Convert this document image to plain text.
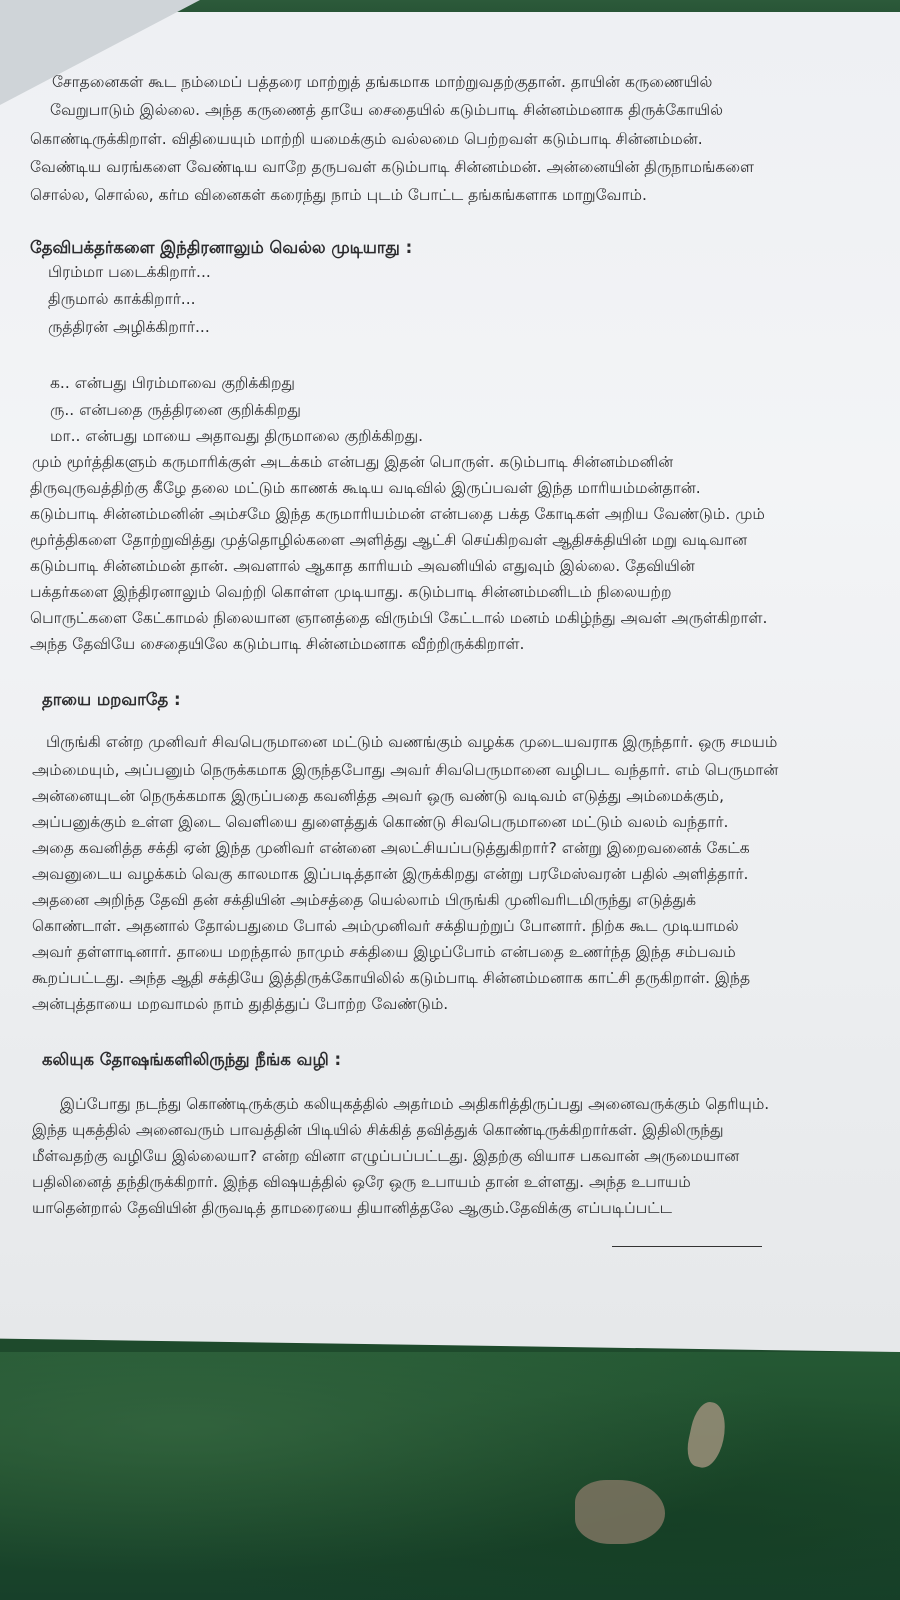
சோதனைகள் கூட நம்மைப் பத்தரை மாற்றுத் தங்கமாக மாற்றுவதற்குதான். தாயின் கருணையில்
வேறுபாடும் இல்லை. அந்த கருணைத் தாயே சைதையில் கடும்பாடி சின்னம்மனாக திருக்கோயில்
கொண்டிருக்கிறாள். விதியையும் மாற்றி யமைக்கும் வல்லமை பெற்றவள் கடும்பாடி சின்னம்மன்.
வேண்டிய வரங்களை வேண்டிய வாறே தருபவள் கடும்பாடி சின்னம்மன். அன்னையின் திருநாமங்களை
சொல்ல, சொல்ல, கர்ம வினைகள் கரைந்து நாம் புடம் போட்ட தங்கங்களாக மாறுவோம்.
தேவிபக்தர்களை இந்திரனாலும் வெல்ல முடியாது :
பிரம்மா படைக்கிறார்...
திருமால் காக்கிறார்...
ருத்திரன் அழிக்கிறார்...
க.. என்பது பிரம்மாவை குறிக்கிறது
ரு.. என்பதை ருத்திரனை குறிக்கிறது
மா.. என்பது மாயை அதாவது திருமாலை குறிக்கிறது.
மும் மூர்த்திகளும் கருமாரிக்குள் அடக்கம் என்பது இதன் பொருள். கடும்பாடி சின்னம்மனின்
திருவுருவத்திற்கு கீழே தலை மட்டும் காணக் கூடிய வடிவில் இருப்பவள் இந்த மாரியம்மன்தான்.
கடும்பாடி சின்னம்மனின் அம்சமே இந்த கருமாரியம்மன் என்பதை பக்த கோடிகள் அறிய வேண்டும். மும்
மூர்த்திகளை தோற்றுவித்து முத்தொழில்களை அளித்து ஆட்சி செய்கிறவள் ஆதிசக்தியின் மறு வடிவான
கடும்பாடி சின்னம்மன் தான். அவளால் ஆகாத காரியம் அவனியில் எதுவும் இல்லை. தேவியின்
பக்தர்களை இந்திரனாலும் வெற்றி கொள்ள முடியாது. கடும்பாடி சின்னம்மனிடம் நிலையற்ற
பொருட்களை கேட்காமல் நிலையான ஞானத்தை விரும்பி கேட்டால் மனம் மகிழ்ந்து அவள் அருள்கிறாள்.
அந்த தேவியே சைதையிலே கடும்பாடி சின்னம்மனாக வீற்றிருக்கிறாள்.
தாயை மறவாதே :
பிருங்கி என்ற முனிவர் சிவபெருமானை மட்டும் வணங்கும் வழக்க முடையவராக இருந்தார். ஒரு சமயம்
அம்மையும், அப்பனும் நெருக்கமாக இருந்தபோது அவர் சிவபெருமானை வழிபட வந்தார். எம் பெருமான்
அன்னையுடன் நெருக்கமாக இருப்பதை கவனித்த அவர் ஒரு வண்டு வடிவம் எடுத்து அம்மைக்கும்,
அப்பனுக்கும் உள்ள இடை வெளியை துளைத்துக் கொண்டு சிவபெருமானை மட்டும் வலம் வந்தார்.
அதை கவனித்த சக்தி ஏன் இந்த முனிவர் என்னை அலட்சியப்படுத்துகிறார்? என்று இறைவனைக் கேட்க
அவனுடைய வழக்கம் வெகு காலமாக இப்படித்தான் இருக்கிறது என்று பரமேஸ்வரன் பதில் அளித்தார்.
அதனை அறிந்த தேவி தன் சக்தியின் அம்சத்தை யெல்லாம் பிருங்கி முனிவரிடமிருந்து எடுத்துக்
கொண்டாள். அதனால் தோல்பதுமை போல் அம்முனிவர் சக்தியற்றுப் போனார். நிற்க கூட முடியாமல்
அவர் தள்ளாடினார். தாயை மறந்தால் நாமும் சக்தியை இழப்போம் என்பதை உணர்ந்த இந்த சம்பவம்
கூறப்பட்டது. அந்த ஆதி சக்தியே இத்திருக்கோயிலில் கடும்பாடி சின்னம்மனாக காட்சி தருகிறாள். இந்த
அன்புத்தாயை மறவாமல் நாம் துதித்துப் போற்ற வேண்டும்.
கலியுக தோஷங்களிலிருந்து நீங்க வழி :
இப்போது நடந்து கொண்டிருக்கும் கலியுகத்தில் அதர்மம் அதிகரித்திருப்பது அனைவருக்கும் தெரியும்.
இந்த யுகத்தில் அனைவரும் பாவத்தின் பிடியில் சிக்கித் தவித்துக் கொண்டிருக்கிறார்கள். இதிலிருந்து
மீள்வதற்கு வழியே இல்லையா? என்ற வினா எழுப்பப்பட்டது. இதற்கு வியாச பகவான் அருமையான
பதிலினைத் தந்திருக்கிறார். இந்த விஷயத்தில் ஒரே ஒரு உபாயம் தான் உள்ளது. அந்த உபாயம்
யாதென்றால் தேவியின் திருவடித் தாமரையை தியானித்தலே ஆகும்.தேவிக்கு எப்படிப்பட்ட
